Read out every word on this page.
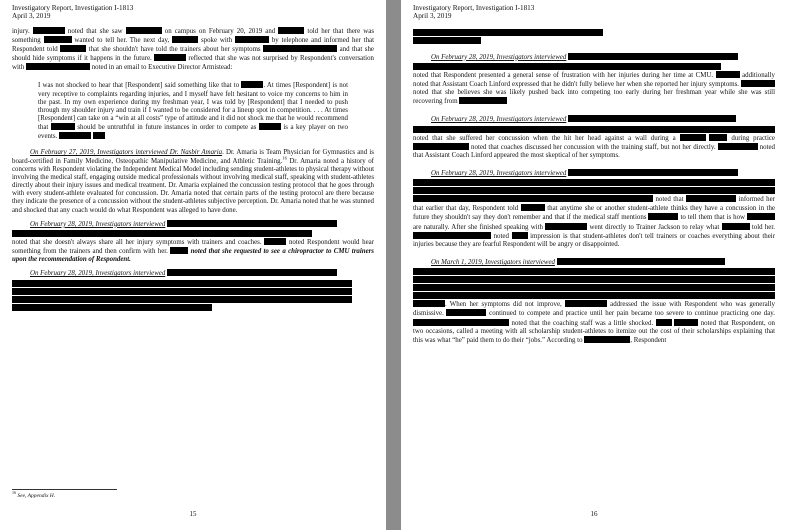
Investigatory Report, Investigation I-1813
April 3, 2019

injury.	noted that she saw	on campus on February 20, 2019 and	told her that there was something	wanted to tell her. The next day,	spoke with	by telephone and informed her that Respondent told	that she shouldn't have told the trainers about her symptoms	and that she should hide symptoms if it happens in the future.	reflected that she was not surprised by Respondent's conversation with	noted in an email to Executive Director Armistead:

I was not shocked to hear that [Respondent] said something like that to	. At times [Respondent] is not very receptive to complaints regarding injuries, and I myself have felt hesitant to voice my concerns to him in the past. In my own experience during my freshman year, I was told by [Respondent] that I needed to push through my shoulder injury and train if I wanted to be considered for a lineup spot in competition. . . . At times [Respondent] can take on a “win at all costs” type of attitude and it did not shock me that he would recommend that	should be untruthful in future instances in order to compete as	is a key player on two events.

On February 27, 2019, Investigators interviewed Dr. Nasbir Amaria. Dr. Amaria is Team Physician for Gymnastics and is board-certified in Family Medicine, Osteopathic Manipulative Medicine, and Athletic Training.$^{16}$ Dr. Amaria noted a history of concerns with Respondent violating the Independent Medical Model including sending student-athletes to physical therapy without involving the medical staff, engaging outside medical professionals without involving medical staff, speaking with student-athletes directly about their injury issues and medical treatment. Dr. Amaria explained the concussion testing protocol that he goes through with every student-athlete evaluated for concussion. Dr. Amaria noted that certain parts of the testing protocol are there because they indicate the presence of a concussion without the student-athletes subjective perception. Dr. Amaria noted that he was stunned and shocked that any coach would do what Respondent was alleged to have done.

On February 28, 2019, Investigators interviewed
noted that she doesn't always share all her injury symptoms with trainers and coaches.	noted Respondent would hear something from the trainers and then confirm with her.	noted that she requested to see a chiropractor to CMU trainers upon the recommendation of Respondent.

On February 28, 2019, Investigators interviewed

$^{16}$ See, Appendix H.
15
Investigatory Report, Investigation I-1813
April 3, 2019

On February 28, 2019, Investigators interviewed
noted that Respondent presented a general sense of frustration with her injuries during her time at CMU.	additionally noted that Assistant Coach Linford expressed that he didn't fully believe her when she reported her injury symptoms.  noted that she believes she was likely pushed back into competing too early during her freshman year while she was still recovering from

On February 28, 2019, Investigators interviewed
noted that she suffered her concussion when the hit her head against a wall during a	during practice  noted that coaches discussed her concussion with the training staff, but not her directly.	noted that Assistant Coach Linford appeared the most skeptical of her symptoms.

On February 28, 2019, Investigators interviewed
noted that	informed her that earlier that day, Respondent told	that anytime she or another student-athlete thinks they have a concussion in the future they shouldn't say they don't remember and that if the medical staff mentions	to tell them that is how  are naturally. After she finished speaking with	went directly to Trainer Jackson to relay what	told her.  noted	impression is that student-athletes don't tell trainers or coaches everything about their injuries because they are fearful Respondent will be angry or disappointed.

On March 1, 2019, Investigators interviewed
. When her symptoms did not improve,	addressed the issue with Respondent who was generally dismissive.	continued to compete and practice until her pain became too severe to continue practicing one day.  noted that the coaching staff was a little shocked.	noted that Respondent, on two occasions, called a meeting with all scholarship student-athletes to itemize out the cost of their scholarships explaining that this was what “he” paid them to do their “jobs.” According to	, Respondent

16
